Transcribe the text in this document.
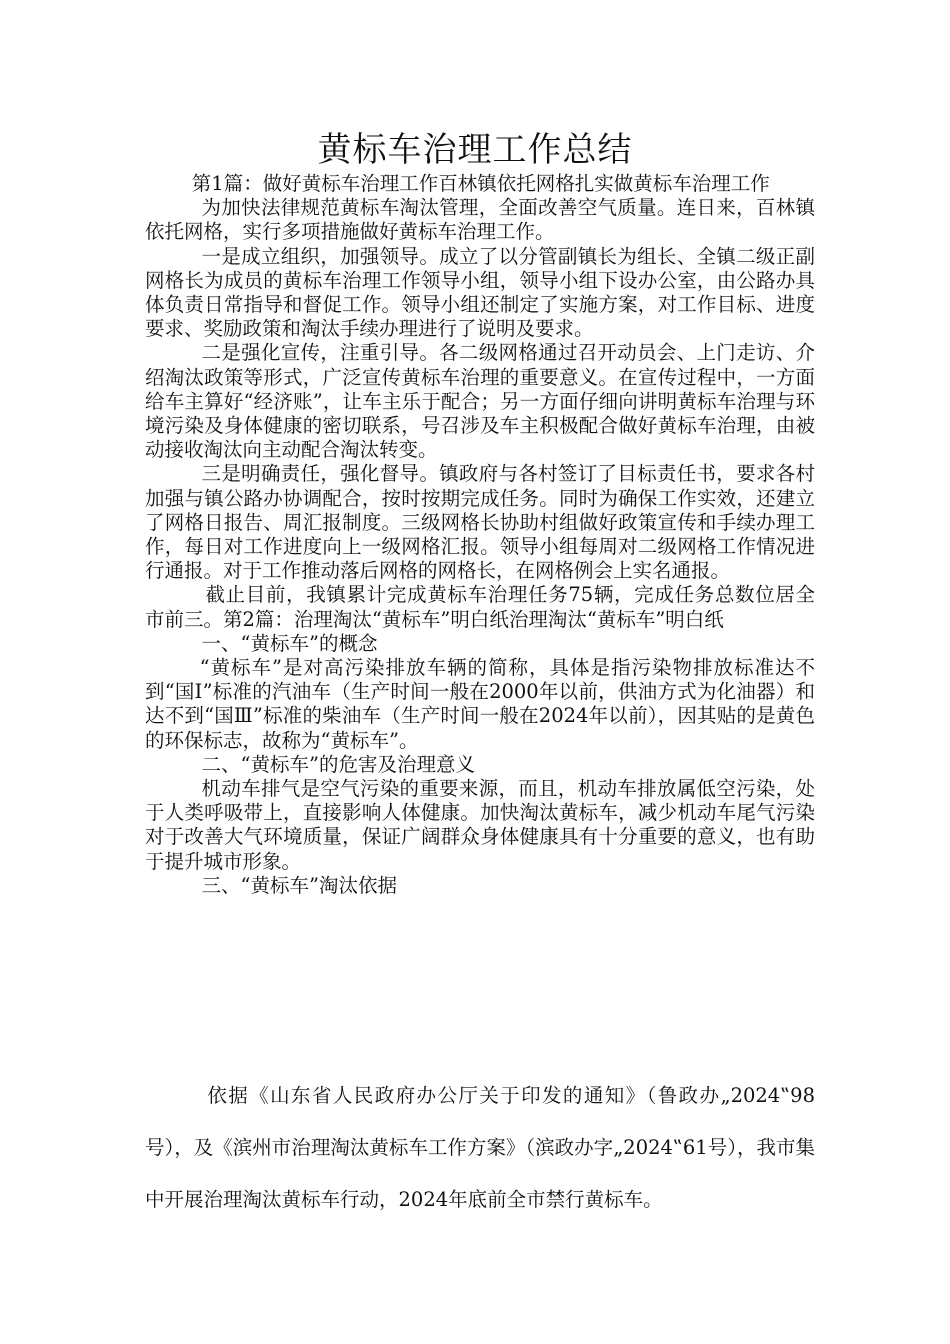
黄标车治理工作总结

第1篇：做好黄标车治理工作百林镇依托网格扎实做黄标车治理工作

为加快法律规范黄标车淘汰管理，全面改善空气质量。连日来，百林镇依托网格，实行多项措施做好黄标车治理工作。

一是成立组织，加强领导。成立了以分管副镇长为组长、全镇二级正副网格长为成员的黄标车治理工作领导小组，领导小组下设办公室，由公路办具体负责日常指导和督促工作。领导小组还制定了实施方案，对工作目标、进度要求、奖励政策和淘汰手续办理进行了说明及要求。

二是强化宣传，注重引导。各二级网格通过召开动员会、上门走访、介绍淘汰政策等形式，广泛宣传黄标车治理的重要意义。在宣传过程中，一方面给车主算好“经济账”，让车主乐于配合；另一方面仔细向讲明黄标车治理与环境污染及身体健康的密切联系，号召涉及车主积极配合做好黄标车治理，由被动接收淘汰向主动配合淘汰转变。

三是明确责任，强化督导。镇政府与各村签订了目标责任书，要求各村加强与镇公路办协调配合，按时按期完成任务。同时为确保工作实效，还建立了网格日报告、周汇报制度。三级网格长协助村组做好政策宣传和手续办理工作，每日对工作进度向上一级网格汇报。领导小组每周对二级网格工作情况进行通报。对于工作推动落后网格的网格长，在网格例会上实名通报。

截止目前，我镇累计完成黄标车治理任务75辆，完成任务总数位居全市前三。第2篇：治理淘汰“黄标车”明白纸治理淘汰“黄标车”明白纸

一、“黄标车”的概念

“黄标车”是对高污染排放车辆的简称，具体是指污染物排放标准达不到“国Ⅰ”标准的汽油车（生产时间一般在2000年以前，供油方式为化油器）和达不到“国Ⅲ”标准的柴油车（生产时间一般在2024年以前），因其贴的是黄色的环保标志，故称为“黄标车”。

二、“黄标车”的危害及治理意义

机动车排气是空气污染的重要来源，而且，机动车排放属低空污染，处于人类呼吸带上，直接影响人体健康。加快淘汰黄标车，减少机动车尾气污染对于改善大气环境质量，保证广阔群众身体健康具有十分重要的意义，也有助于提升城市形象。

三、“黄标车”淘汰依据

依据《山东省人民政府办公厅关于印发的通知》（鲁政办„2024‟98号），及《滨州市治理淘汰黄标车工作方案》（滨政办字„2024‟61号），我市集中开展治理淘汰黄标车行动，2024年底前全市禁行黄标车。
